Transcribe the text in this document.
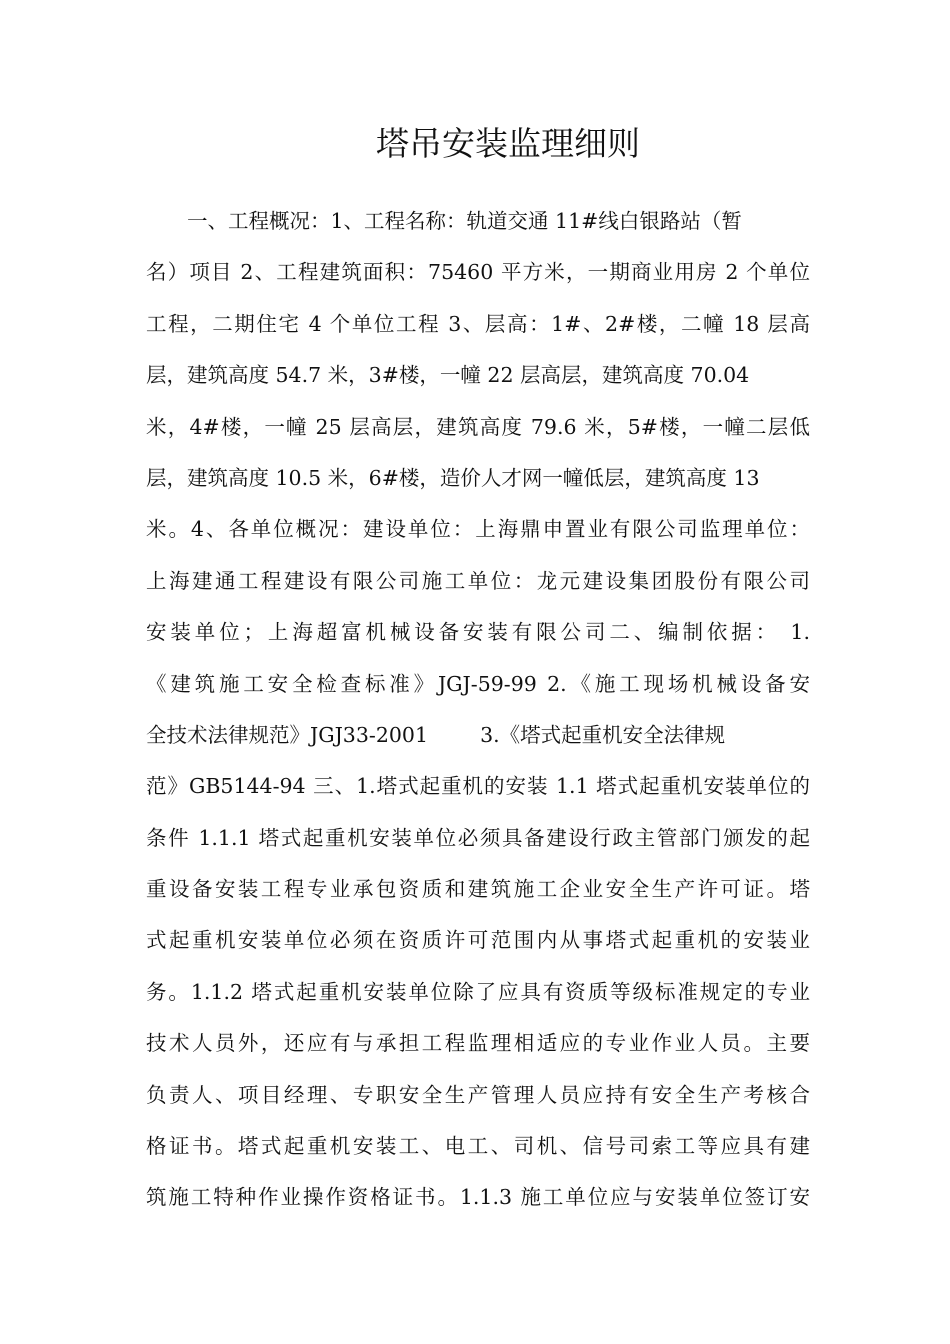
塔吊安装监理细则
一、工程概况：1、工程名称：轨道交通 11#线白银路站（暂
名）项目 2、工程建筑面积：75460 平方米，一期商业用房 2 个单位
工程，二期住宅 4 个单位工程 3、层高：1#、2#楼，二幢 18 层高
层，建筑高度 54.7 米，3#楼，一幢 22 层高层，建筑高度 70.04
米，4#楼，一幢 25 层高层，建筑高度 79.6 米，5#楼，一幢二层低
层，建筑高度 10.5 米，6#楼，造价人才网一幢低层，建筑高度 13
米。4、各单位概况：建设单位：上海鼎申置业有限公司监理单位：
上海建通工程建设有限公司施工单位：龙元建设集团股份有限公司
安装单位；上海超富机械设备安装有限公司二、编制依据： 1.
《建筑施工安全检查标准》JGJ-59-99 2.《施工现场机械设备安
全技术法律规范》JGJ33-2001        3.《塔式起重机安全法律规
范》GB5144-94 三、1.塔式起重机的安装 1.1 塔式起重机安装单位的
条件 1.1.1 塔式起重机安装单位必须具备建设行政主管部门颁发的起
重设备安装工程专业承包资质和建筑施工企业安全生产许可证。塔
式起重机安装单位必须在资质许可范围内从事塔式起重机的安装业
务。1.1.2 塔式起重机安装单位除了应具有资质等级标准规定的专业
技术人员外，还应有与承担工程监理相适应的专业作业人员。主要
负责人、项目经理、专职安全生产管理人员应持有安全生产考核合
格证书。塔式起重机安装工、电工、司机、信号司索工等应具有建
筑施工特种作业操作资格证书。1.1.3 施工单位应与安装单位签订安
